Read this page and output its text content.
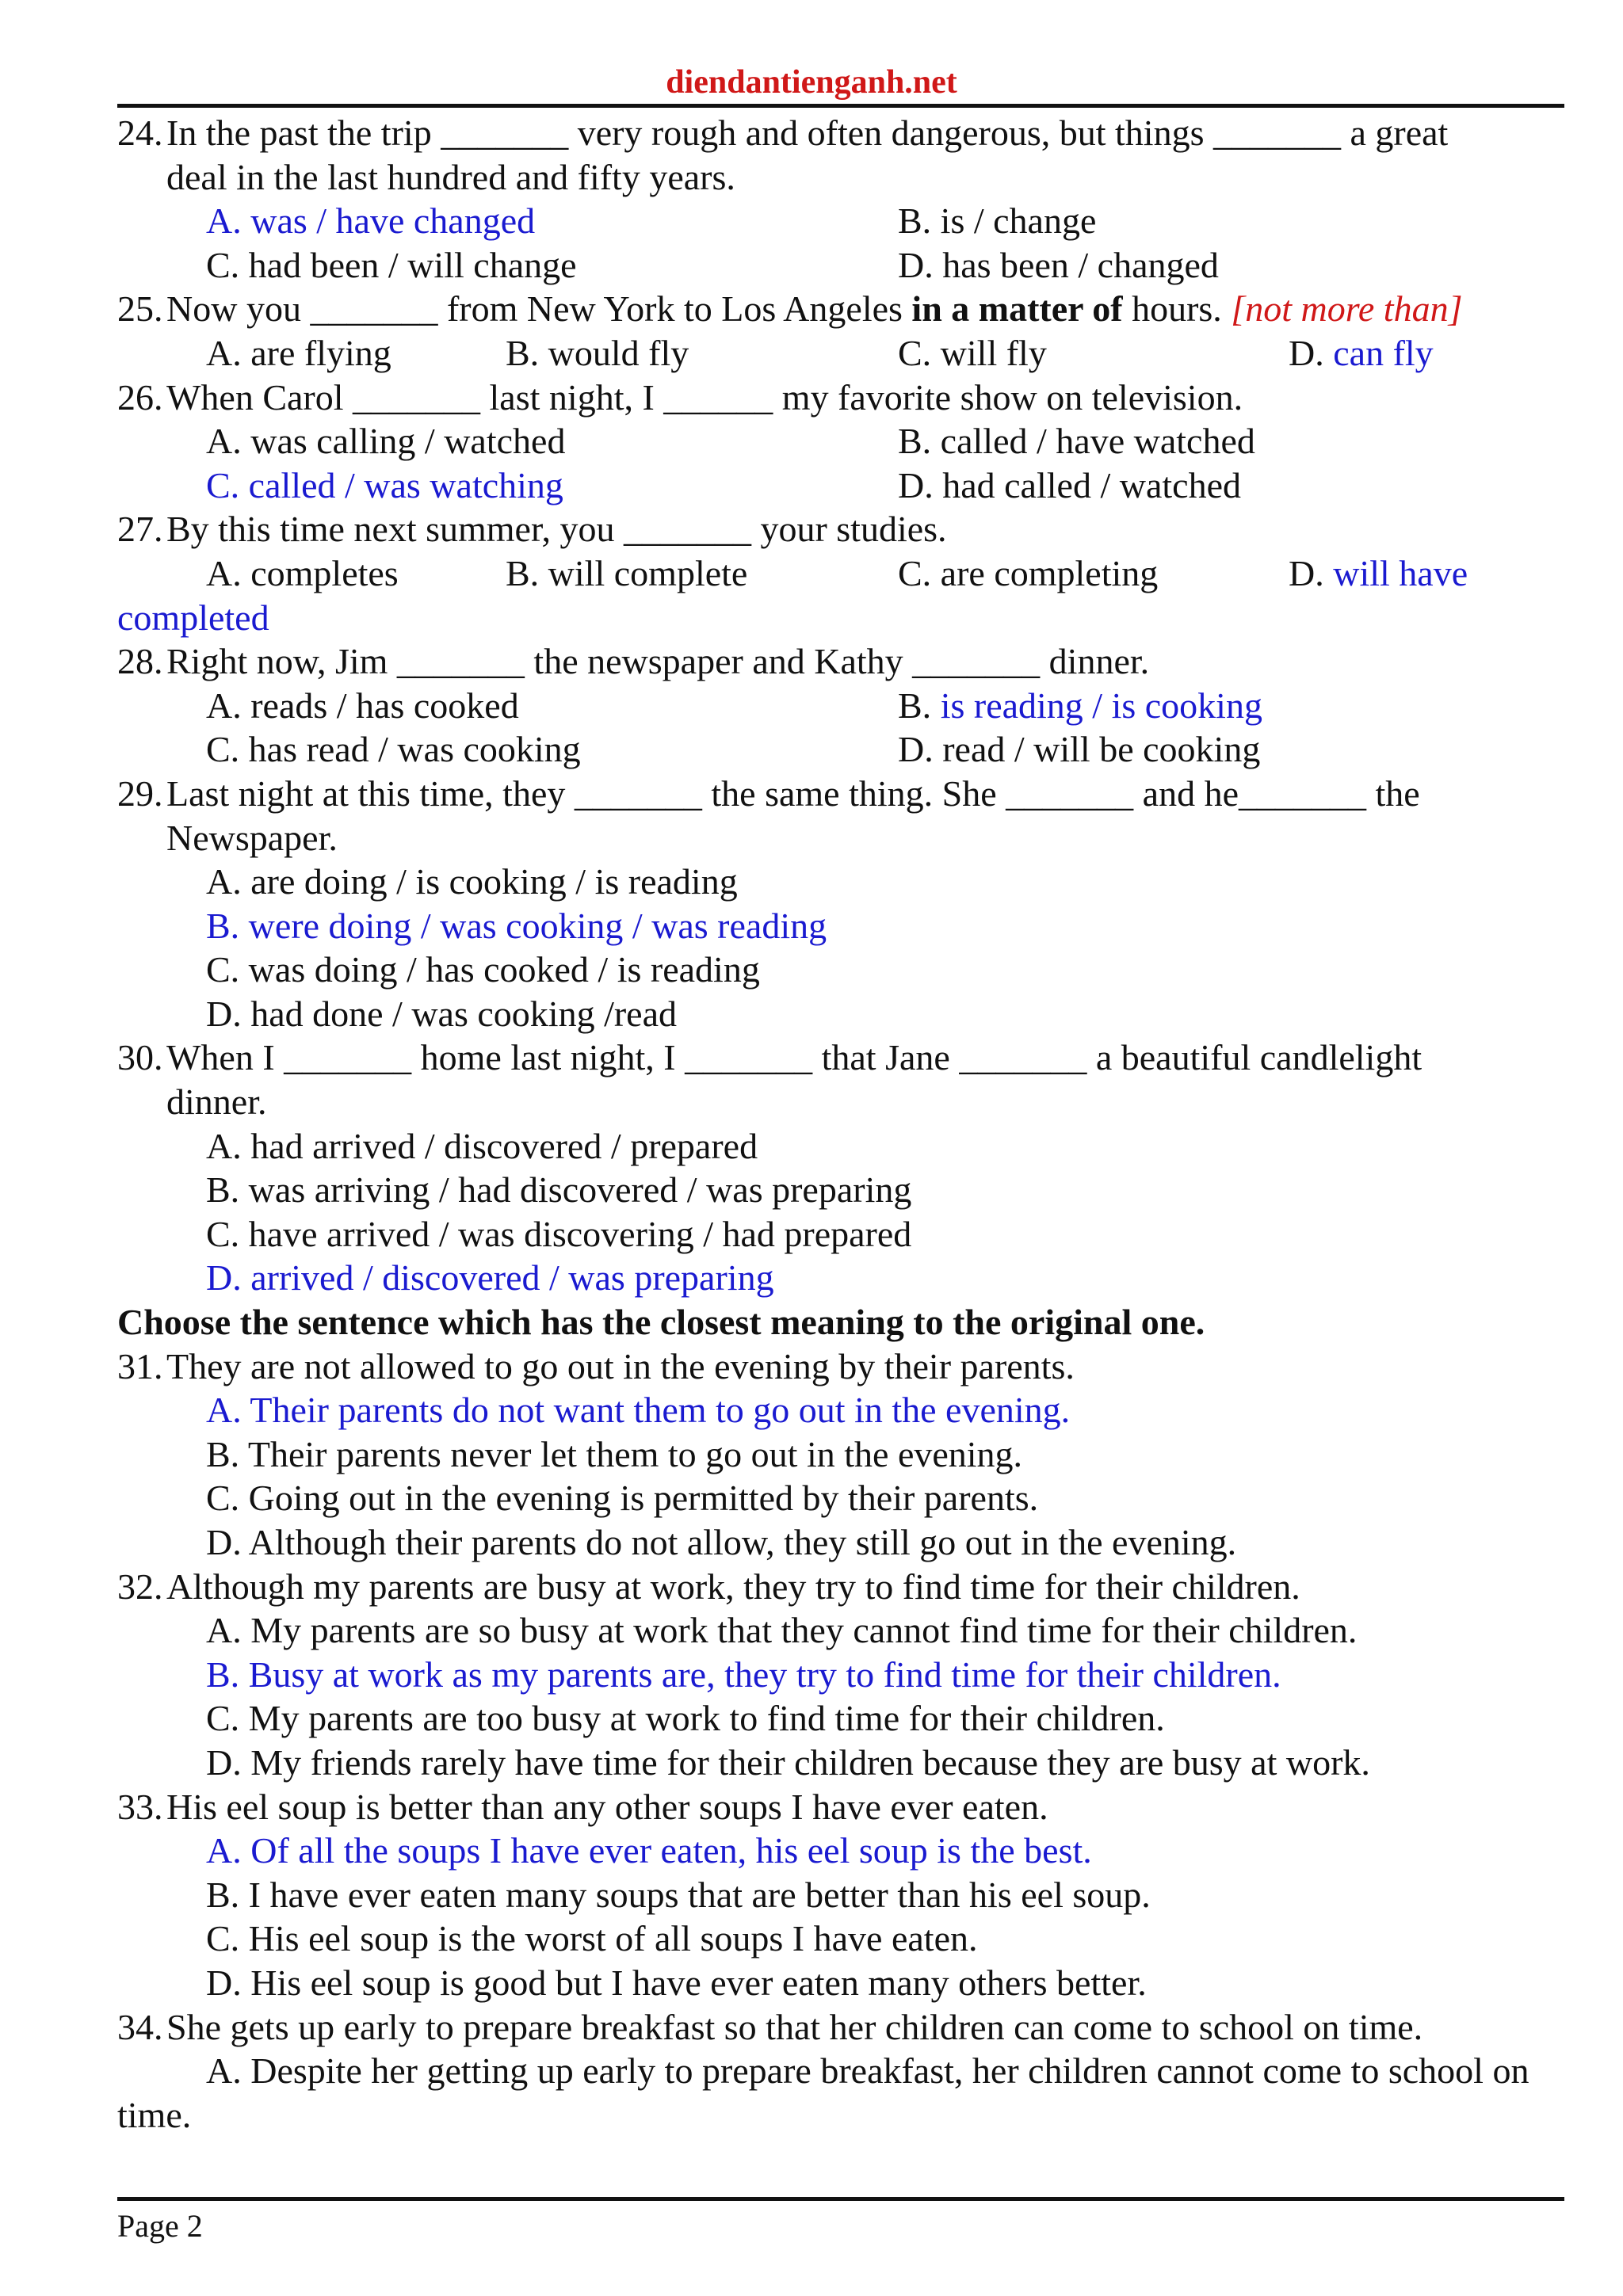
diendantienganh.net
24. In the past the trip _______ very rough and often dangerous, but things _______ a great
deal in the last hundred and fifty years.
A. was / have changed	B. is / change
C. had been / will change	D. has been / changed
25. Now you _______ from New York to Los Angeles in a matter of hours. [not more than]
A. are flying	B. would fly	C. will fly	D. can fly
26. When Carol _______ last night, I ______ my favorite show on television.
A. was calling / watched	B. called / have watched
C. called / was watching	D. had called / watched
27. By this time next summer, you _______ your studies.
A. completes	B. will complete	C. are completing	D. will have
completed
28. Right now, Jim _______ the newspaper and Kathy _______ dinner.
A. reads / has cooked	B. is reading / is cooking
C. has read / was cooking	D. read / will be cooking
29. Last night at this time, they _______ the same thing. She _______ and he_______ the
Newspaper.
A. are doing / is cooking / is reading
B. were doing / was cooking / was reading
C. was doing / has cooked / is reading
D. had done / was cooking /read
30. When I _______ home last night, I _______ that Jane _______ a beautiful candlelight
dinner.
A. had arrived / discovered / prepared
B. was arriving / had discovered / was preparing
C. have arrived / was discovering / had prepared
D. arrived / discovered / was preparing
Choose the sentence which has the closest meaning to the original one.
31. They are not allowed to go out in the evening by their parents.
A. Their parents do not want them to go out in the evening.
B. Their parents never let them to go out in the evening.
C. Going out in the evening is permitted by their parents.
D. Although their parents do not allow, they still go out in the evening.
32. Although my parents are busy at work, they try to find time for their children.
A. My parents are so busy at work that they cannot find time for their children.
B. Busy at work as my parents are, they try to find time for their children.
C. My parents are too busy at work to find time for their children.
D. My friends rarely have time for their children because they are busy at work.
33. His eel soup is better than any other soups I have ever eaten.
A. Of all the soups I have ever eaten, his eel soup is the best.
B. I have ever eaten many soups that are better than his eel soup.
C. His eel soup is the worst of all soups I have eaten.
D. His eel soup is good but I have ever eaten many others better.
34. She gets up early to prepare breakfast so that her children can come to school on time.
A. Despite her getting up early to prepare breakfast, her children cannot come to school on
time.
Page 2
